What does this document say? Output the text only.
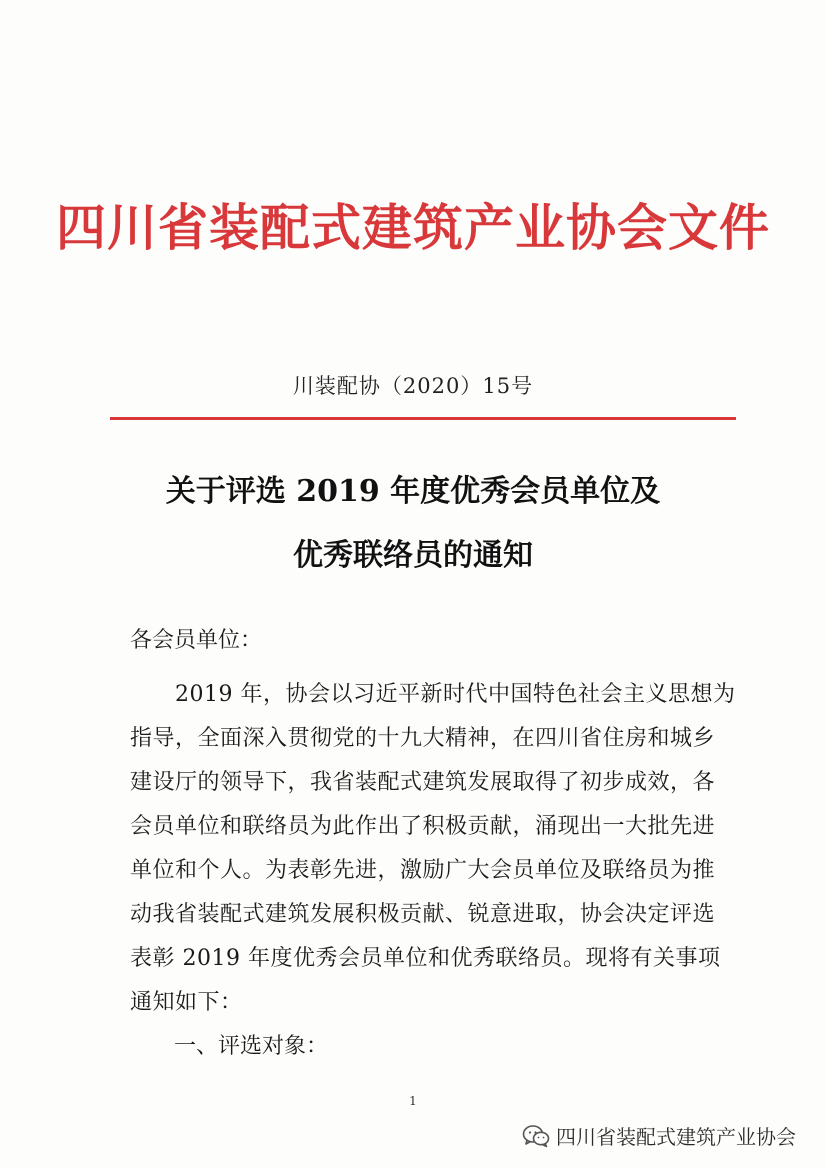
四川省装配式建筑产业协会文件
川装配协（2020）15号
关于评选 2019 年度优秀会员单位及
优秀联络员的通知
各会员单位：
　　2019 年，协会以习近平新时代中国特色社会主义思想为
指导，全面深入贯彻党的十九大精神，在四川省住房和城乡
建设厅的领导下，我省装配式建筑发展取得了初步成效，各
会员单位和联络员为此作出了积极贡献，涌现出一大批先进
单位和个人。为表彰先进，激励广大会员单位及联络员为推
动我省装配式建筑发展积极贡献、锐意进取，协会决定评选
表彰 2019 年度优秀会员单位和优秀联络员。现将有关事项
通知如下：
　　一、评选对象：
1
四川省装配式建筑产业协会
